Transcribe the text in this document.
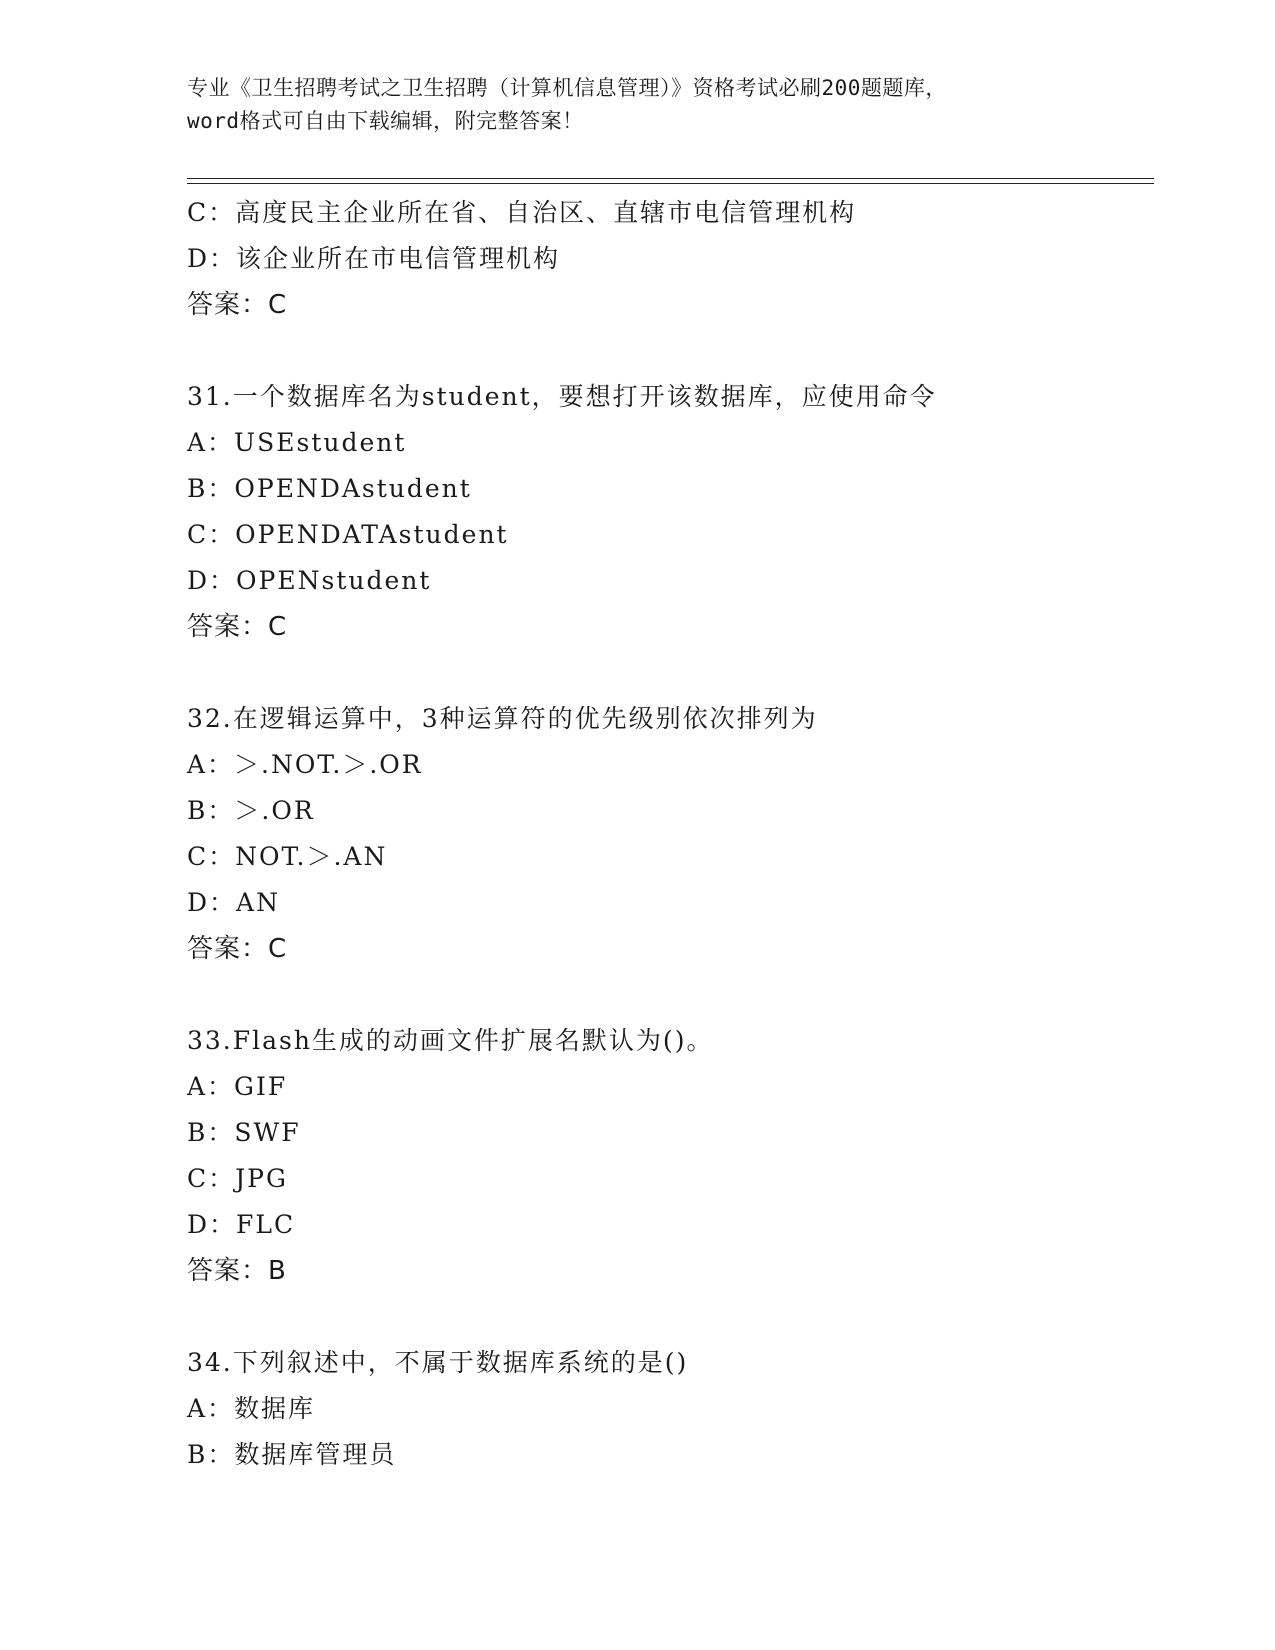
专业《卫生招聘考试之卫生招聘（计算机信息管理）》资格考试必刷200题题库，
word格式可自由下载编辑，附完整答案！
C：高度民主企业所在省、自治区、直辖市电信管理机构
D：该企业所在市电信管理机构
答案：C
31.一个数据库名为student，要想打开该数据库，应使用命令
A：USEstudent
B：OPENDAstudent
C：OPENDATAstudent
D：OPENstudent
答案：C
32.在逻辑运算中，3种运算符的优先级别依次排列为
A：＞.NOT.＞.OR
B：＞.OR
C：NOT.＞.AN
D：AN
答案：C
33.Flash生成的动画文件扩展名默认为()。
A：GIF
B：SWF
C：JPG
D：FLC
答案：B
34.下列叙述中，不属于数据库系统的是()
A：数据库
B：数据库管理员
